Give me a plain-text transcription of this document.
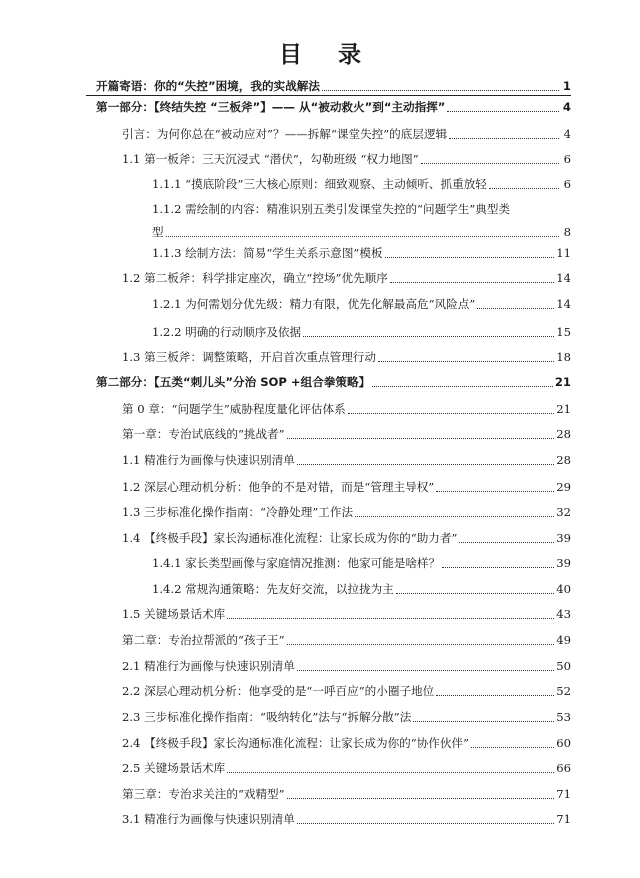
目 录
开篇寄语：你的“失控”困境，我的实战解法	1
第一部分：【终结失控 “三板斧”】—— 从“被动救火”到“主动指挥”	4
引言：为何你总在“被动应对”？——拆解“课堂失控”的底层逻辑	4
1.1 第一板斧：三天沉浸式 “潜伏”，勾勒班级 “权力地图”	6
1.1.1 “摸底阶段”三大核心原则：细致观察、主动倾听、抓重放轻	6
1.1.2 需绘制的内容：精准识别五类引发课堂失控的“问题学生”典型类
型	8
1.1.3 绘制方法：简易“学生关系示意图”模板	11
1.2 第二板斧：科学排定座次，确立“控场”优先顺序	14
1.2.1 为何需划分优先级：精力有限，优先化解最高危“风险点”	14
1.2.2 明确的行动顺序及依据	15
1.3 第三板斧：调整策略，开启首次重点管理行动	18
第二部分：【五类“刺儿头”分治 SOP +组合拳策略】	21
第 0 章：“问题学生”威胁程度量化评估体系	21
第一章：专治试底线的“挑战者”	28
1.1 精准行为画像与快速识别清单	28
1.2 深层心理动机分析：他争的不是对错，而是“管理主导权”	29
1.3 三步标准化操作指南：“冷静处理”工作法	32
1.4 【终极手段】家长沟通标准化流程：让家长成为你的“助力者”	39
1.4.1 家长类型画像与家庭情况推测：他家可能是啥样？	39
1.4.2 常规沟通策略：先友好交流，以拉拢为主	40
1.5 关键场景话术库	43
第二章：专治拉帮派的“孩子王”	49
2.1 精准行为画像与快速识别清单	50
2.2 深层心理动机分析：他享受的是“一呼百应”的小圈子地位	52
2.3 三步标准化操作指南：“吸纳转化”法与“拆解分散”法	53
2.4 【终极手段】家长沟通标准化流程：让家长成为你的“协作伙伴”	60
2.5 关键场景话术库	66
第三章：专治求关注的“戏精型”	71
3.1 精准行为画像与快速识别清单	71
